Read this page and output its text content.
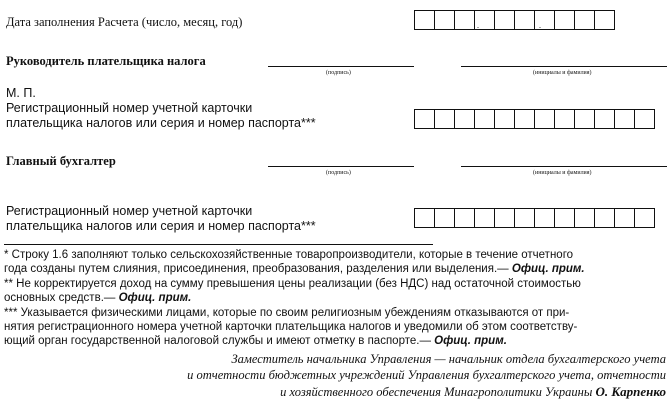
Дата заполнения Расчета (число, месяц, год)	.	.
Руководитель плательщика налога
(подпись)	(инициалы и фамилия)
М. П.
Регистрационный номер учетной карточки
плательщика налогов или серия и номер паспорта***
Главный бухгалтер
(подпись)	(инициалы и фамилия)
Регистрационный номер учетной карточки
плательщика налогов или серия и номер паспорта***
* Строку 1.6 заполняют только сельскохозяйственные товаропроизводители, которые в течение отчетного
года созданы путем слияния, присоединения, преобразования, разделения или выделения.— Офиц. прим.
** Не корректируется доход на сумму превышения цены реализации (без НДС) над остаточной стоимостью
основных средств.— Офиц. прим.
*** Указывается физическими лицами, которые по своим религиозным убеждениям отказываются от при-
нятия регистрационного номера учетной карточки плательщика налогов и уведомили об этом соответству-
ющий орган государственной налоговой службы и имеют отметку в паспорте.— Офиц. прим.
Заместитель начальника Управления — начальник отдела бухгалтерского учета
и отчетности бюджетных учреждений Управления бухгалтерского учета, отчетности
и хозяйственного обеспечения Минагрополитики Украины О. Карпенко
